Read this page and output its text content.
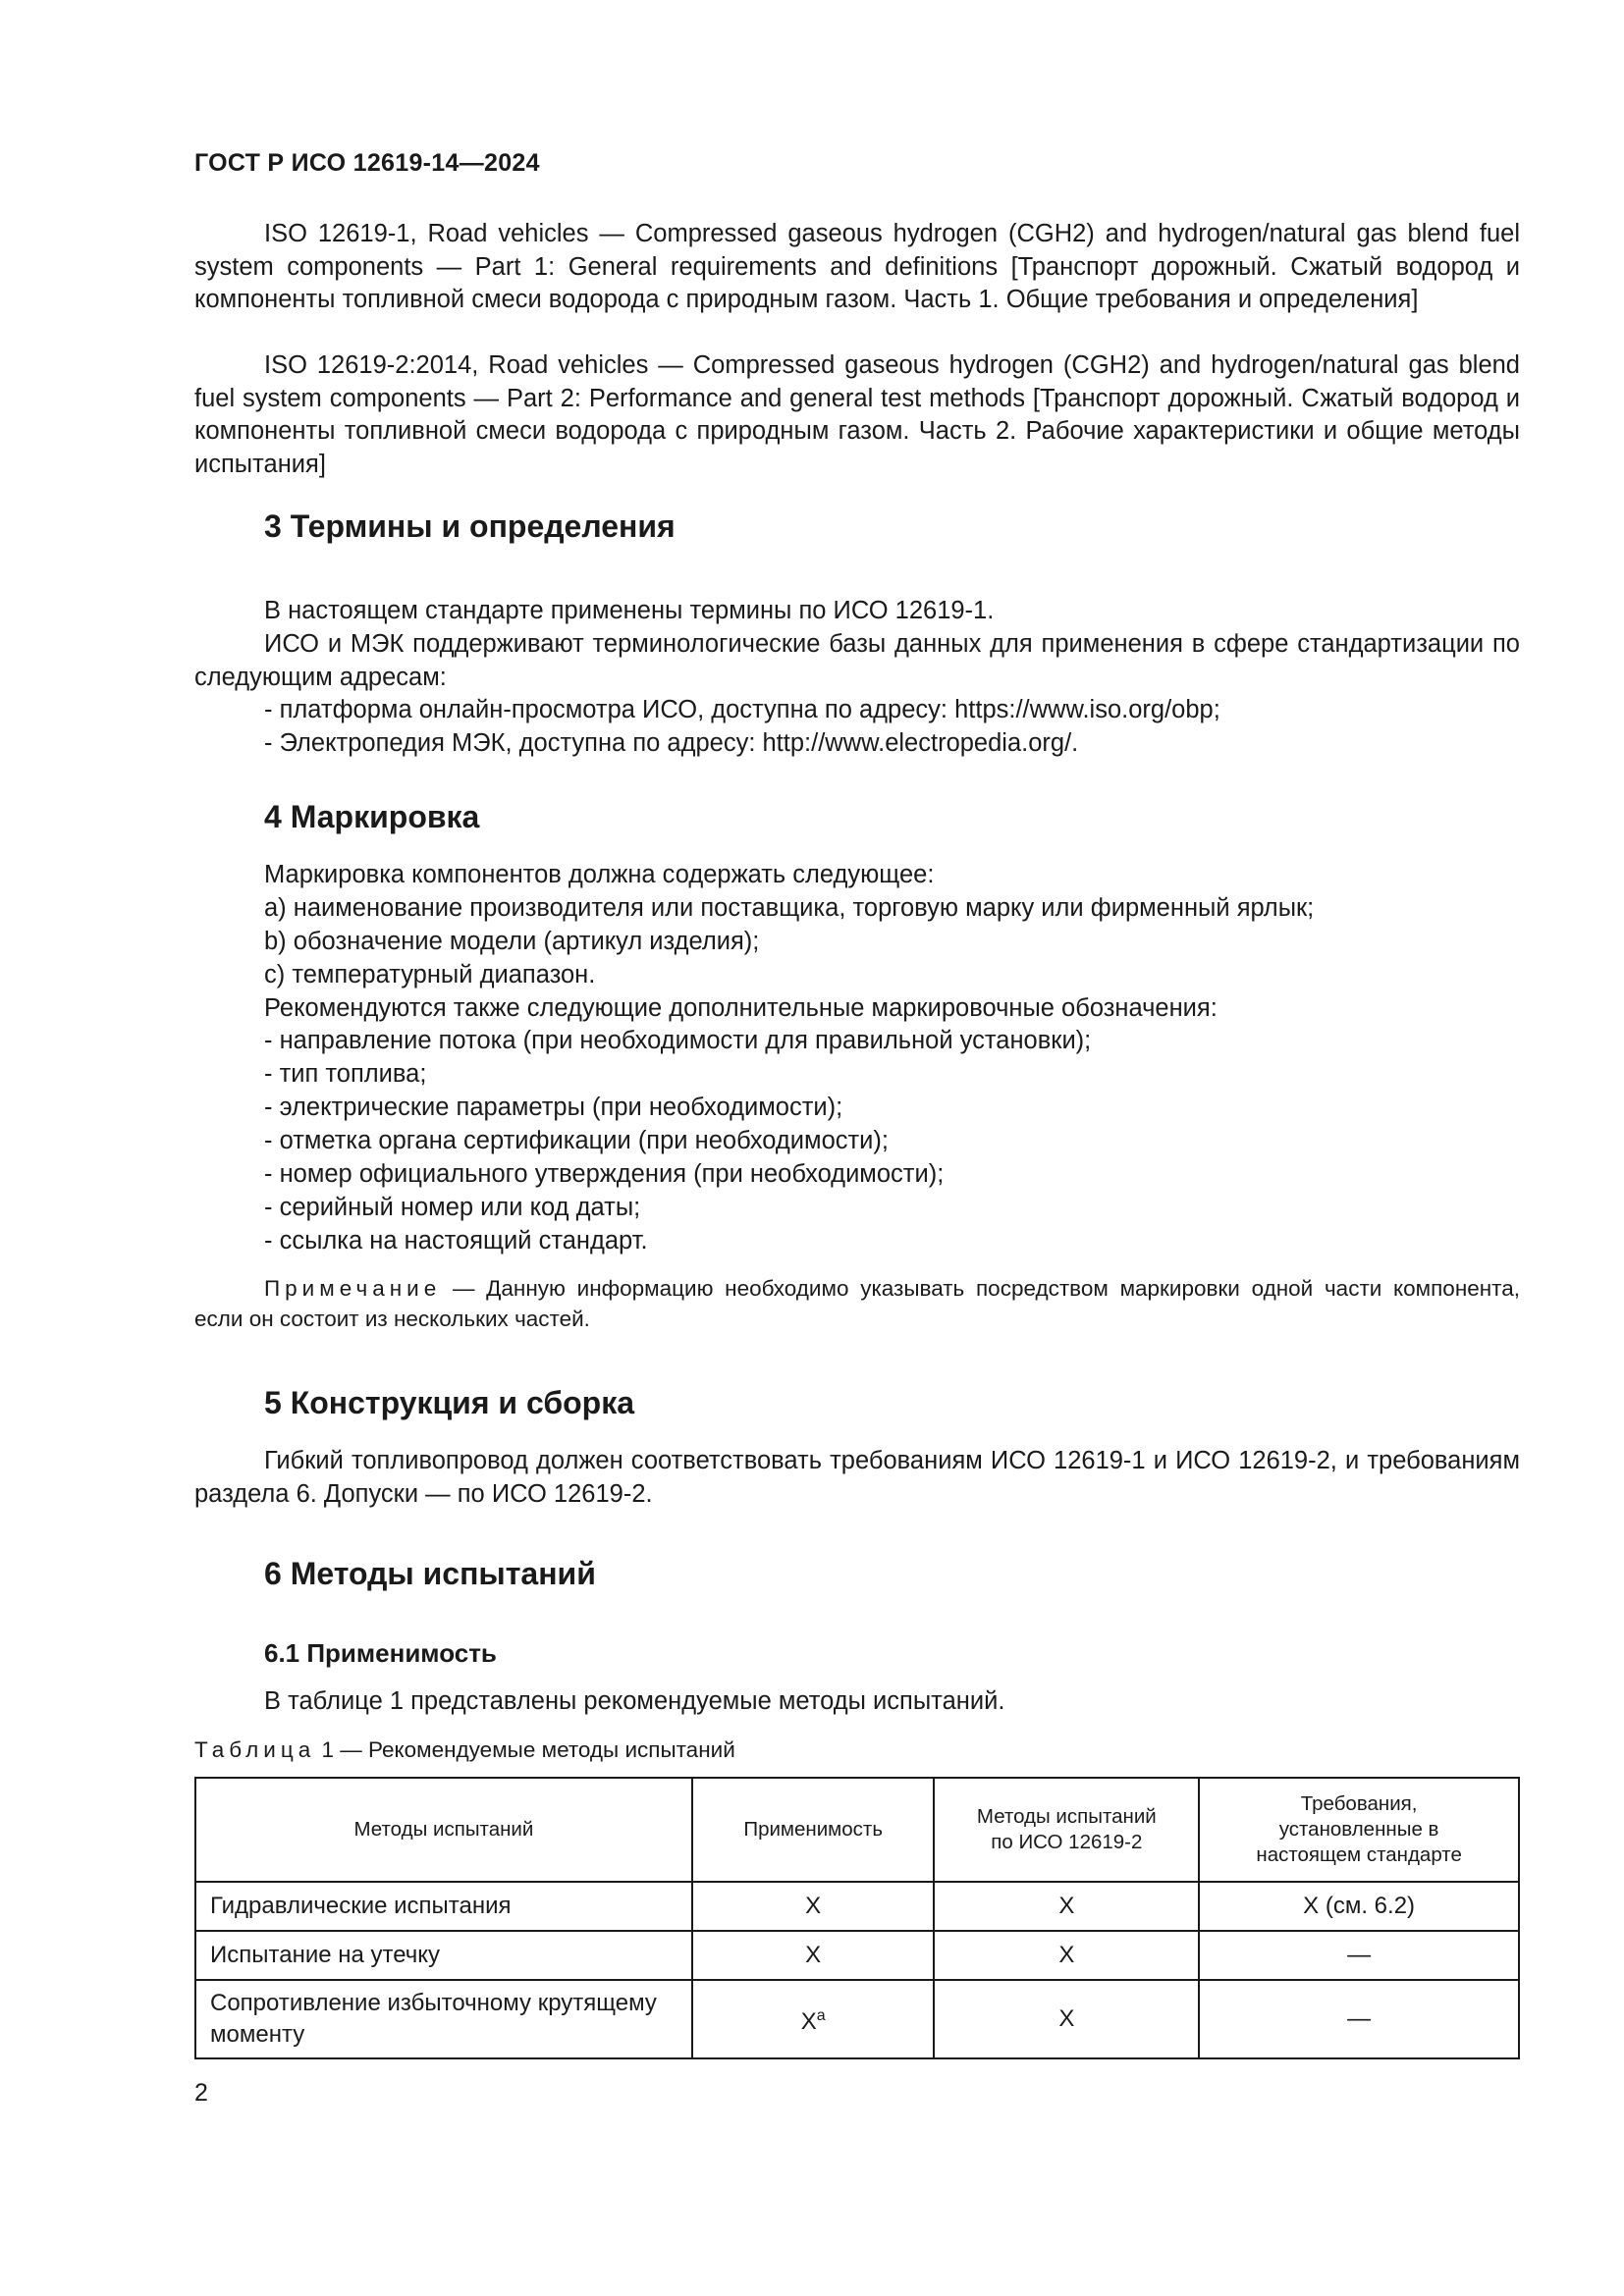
ГОСТ Р ИСО 12619-14—2024
ISO 12619-1, Road vehicles — Compressed gaseous hydrogen (CGH2) and hydrogen/natural gas blend fuel system components — Part 1: General requirements and definitions [Транспорт дорожный. Сжатый водород и компоненты топливной смеси водорода с природным газом. Часть 1. Общие требования и определения]
ISO 12619-2:2014, Road vehicles — Compressed gaseous hydrogen (CGH2) and hydrogen/natural gas blend fuel system components — Part 2: Performance and general test methods [Транспорт дорожный. Сжатый водород и компоненты топливной смеси водорода с природным газом. Часть 2. Рабочие характеристики и общие методы испытания]
3 Термины и определения
В настоящем стандарте применены термины по ИСО 12619-1.
ИСО и МЭК поддерживают терминологические базы данных для применения в сфере стандартизации по следующим адресам:
- платформа онлайн-просмотра ИСО, доступна по адресу: https://www.iso.org/obp;
- Электропедия МЭК, доступна по адресу: http://www.electropedia.org/.
4 Маркировка
Маркировка компонентов должна содержать следующее:
a) наименование производителя или поставщика, торговую марку или фирменный ярлык;
b) обозначение модели (артикул изделия);
c) температурный диапазон.
Рекомендуются также следующие дополнительные маркировочные обозначения:
- направление потока (при необходимости для правильной установки);
- тип топлива;
- электрические параметры (при необходимости);
- отметка органа сертификации (при необходимости);
- номер официального утверждения (при необходимости);
- серийный номер или код даты;
- ссылка на настоящий стандарт.
Примечание — Данную информацию необходимо указывать посредством маркировки одной части компонента, если он состоит из нескольких частей.
5 Конструкция и сборка
Гибкий топливопровод должен соответствовать требованиям ИСО 12619-1 и ИСО 12619-2, и требованиям раздела 6. Допуски — по ИСО 12619-2.
6 Методы испытаний
6.1 Применимость
В таблице 1 представлены рекомендуемые методы испытаний.
Таблица 1 — Рекомендуемые методы испытаний
Методы испытаний	Применимость	Методы испытаний по ИСО 12619-2	Требования, установленные в настоящем стандарте

Гидравлические испытания	X	X	X (см. 6.2)
Испытание на утечку	X	X	—
Сопротивление избыточному крутящему моменту	$X^a$	X	—
2
